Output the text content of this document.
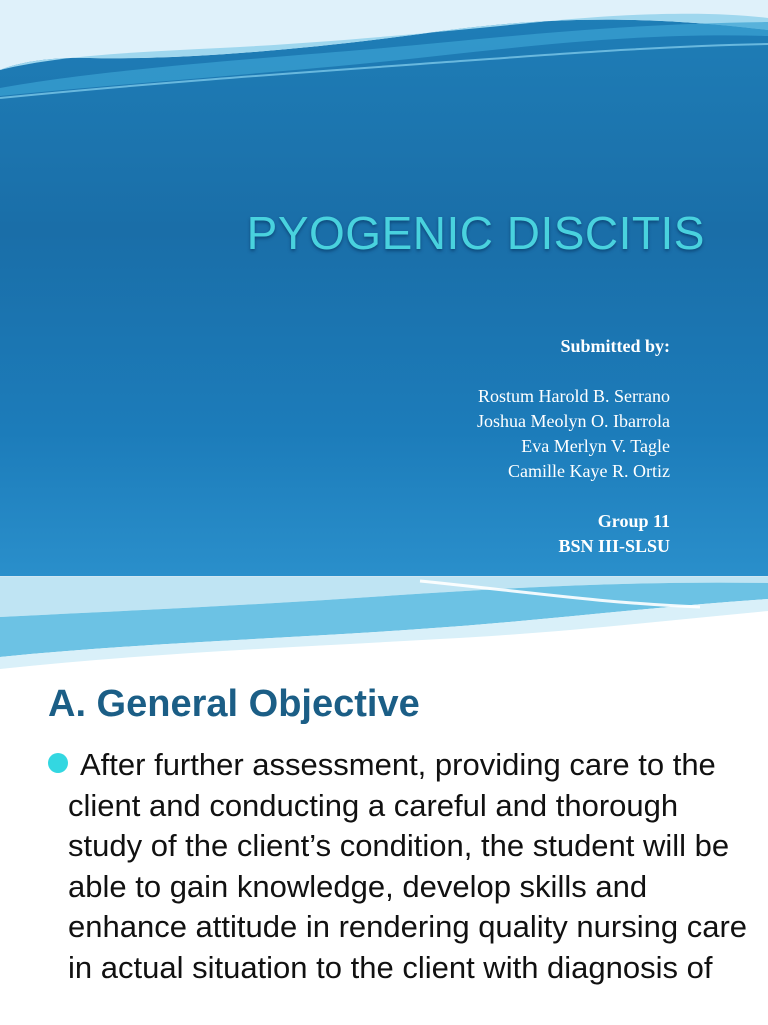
PYOGENIC DISCITIS
Submitted by:
Rostum Harold B. Serrano
Joshua Meolyn O. Ibarrola
Eva Merlyn V. Tagle
Camille Kaye R. Ortiz
Group 11
BSN III-SLSU
A. General Objective
After further assessment, providing care to the client and conducting a careful and thorough study of the client’s condition, the student will be able to gain knowledge, develop skills and enhance attitude in rendering quality nursing care in actual situation to the client with diagnosis of
